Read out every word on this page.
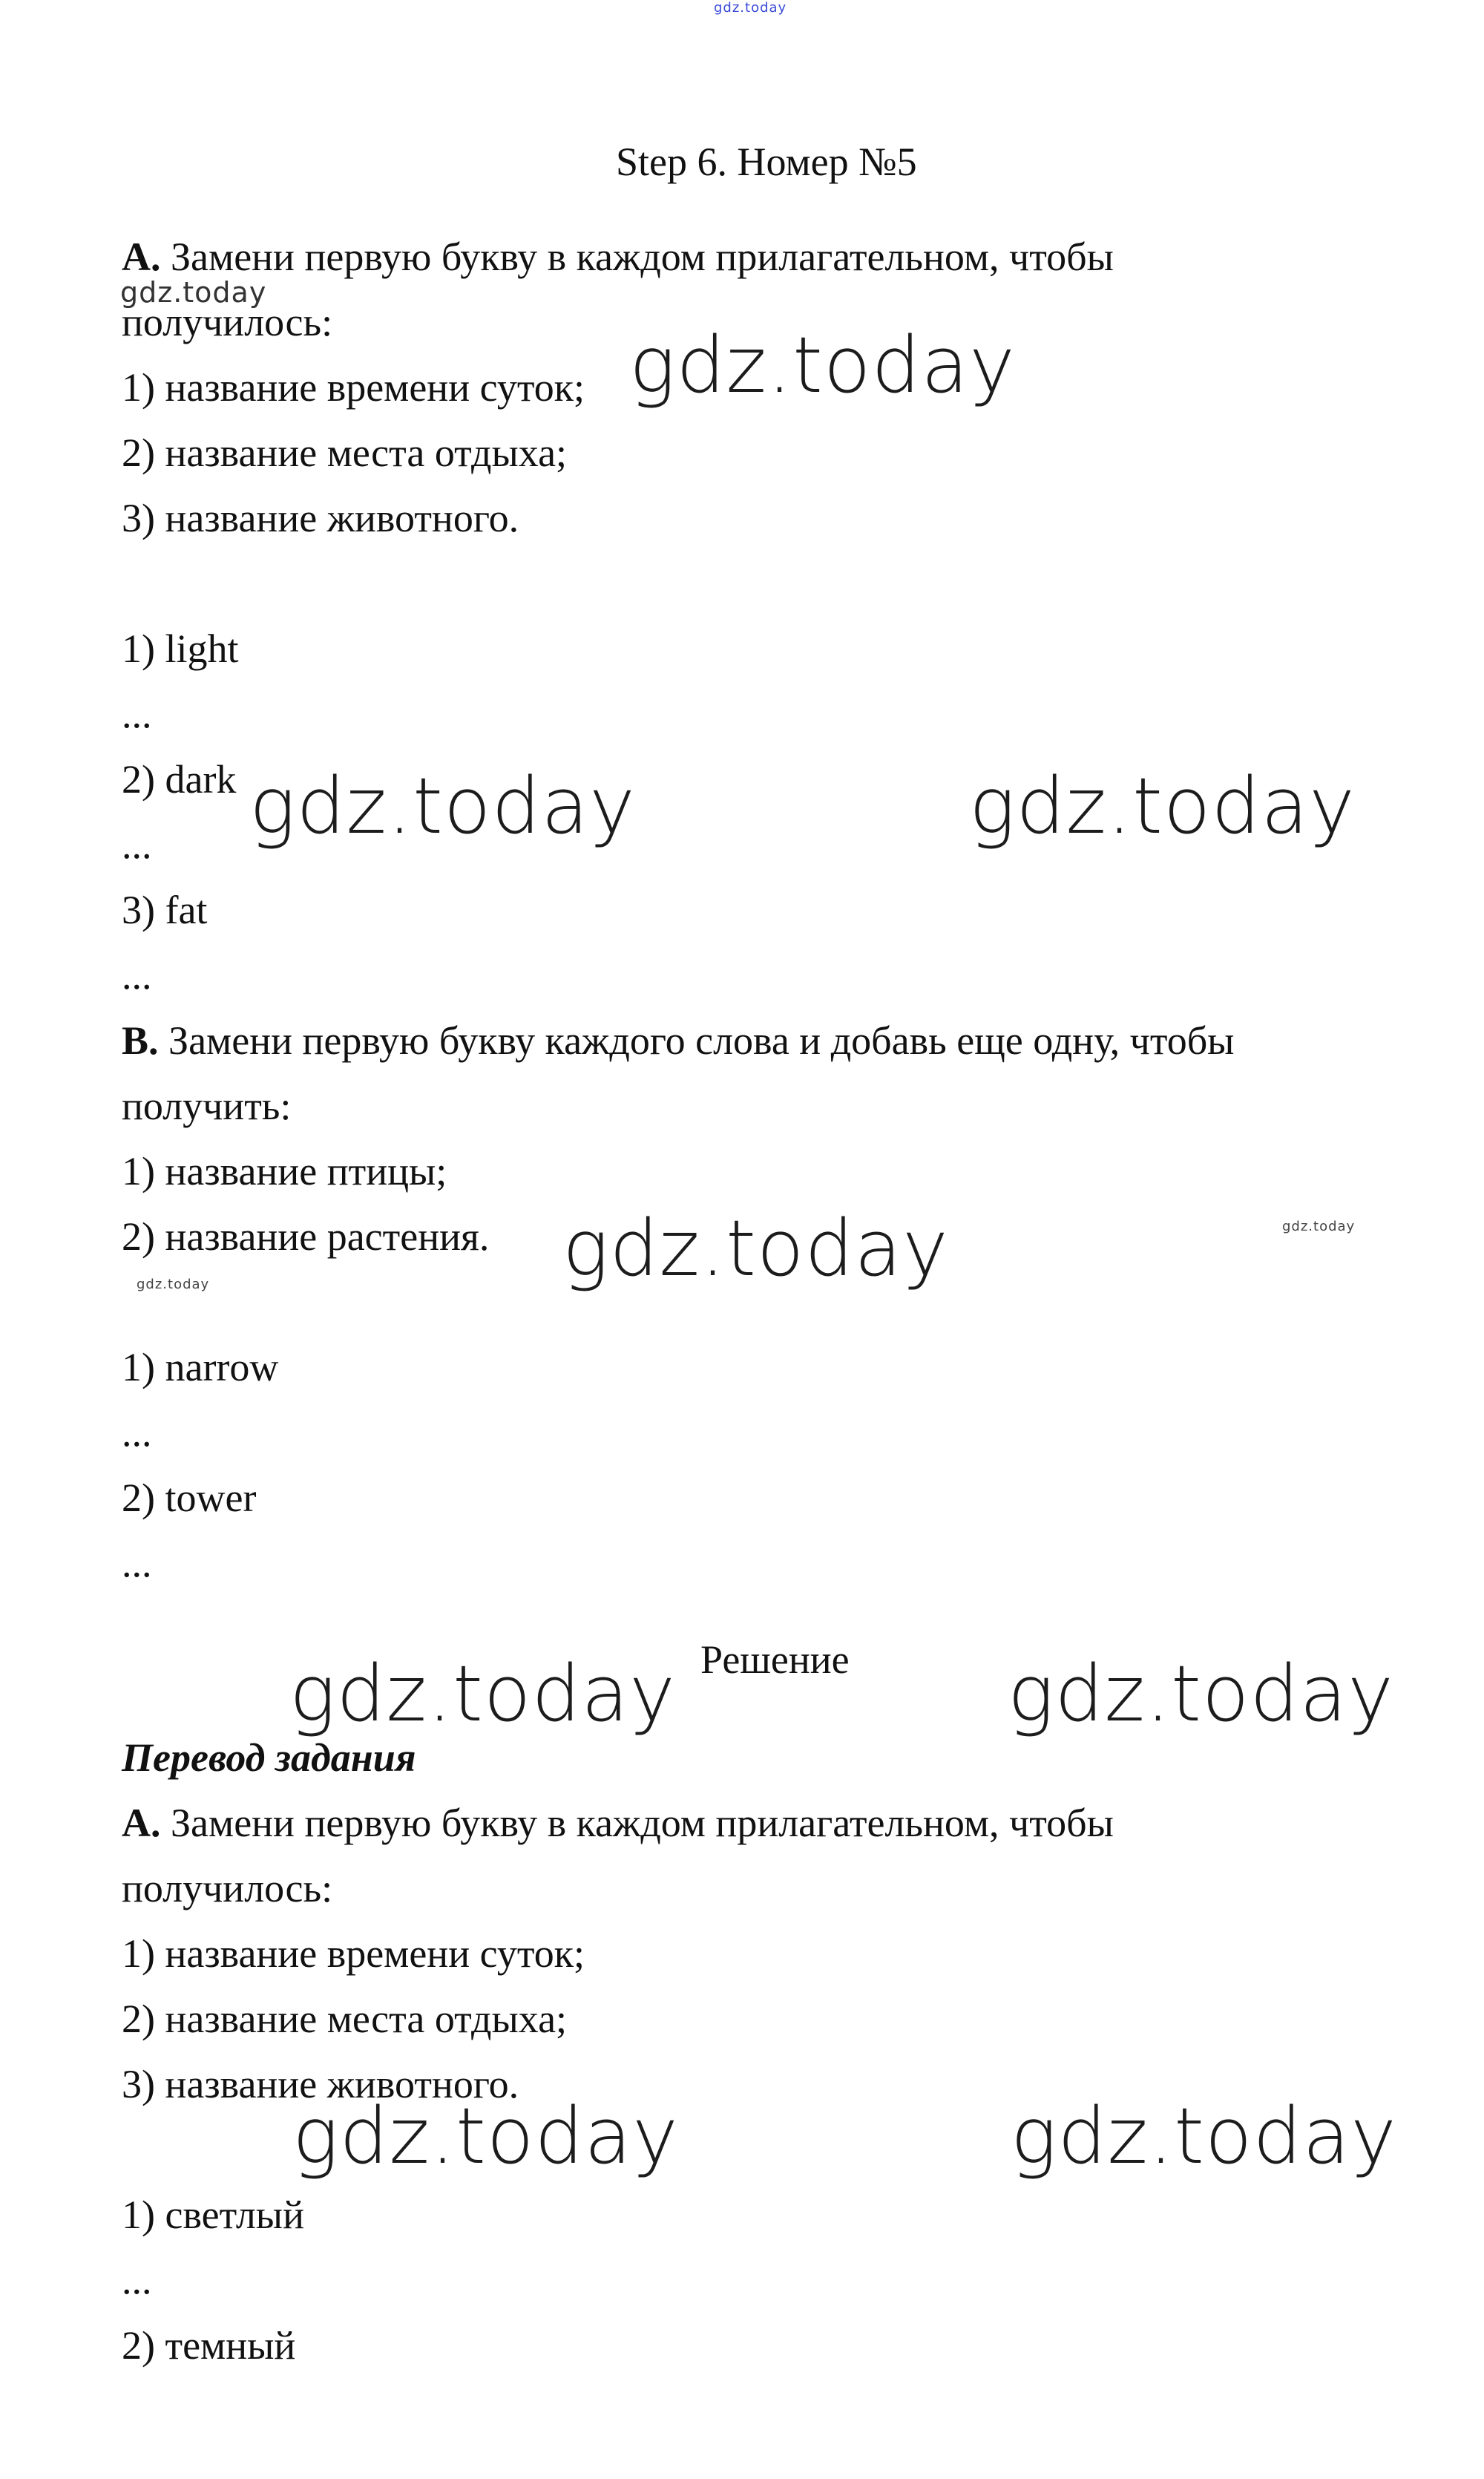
gdz.today
gdz.today
gdz.today
gdz.today	gdz.today
gdz.today	gdz.today
gdz.today
gdz.today	gdz.today
gdz.today	gdz.today
Step 6. Номер №5
A. Замени первую букву в каждом прилагательном, чтобы
получилось:
1) название времени суток;
2) название места отдыха;
3) название животного.
1) light
...
2) dark
...
3) fat
...
B. Замени первую букву каждого слова и добавь еще одну, чтобы
получить:
1) название птицы;
2) название растения.
1) narrow
...
2) tower
...
Решение
Перевод задания
A. Замени первую букву в каждом прилагательном, чтобы
получилось:
1) название времени суток;
2) название места отдыха;
3) название животного.
1) светлый
...
2) темный
